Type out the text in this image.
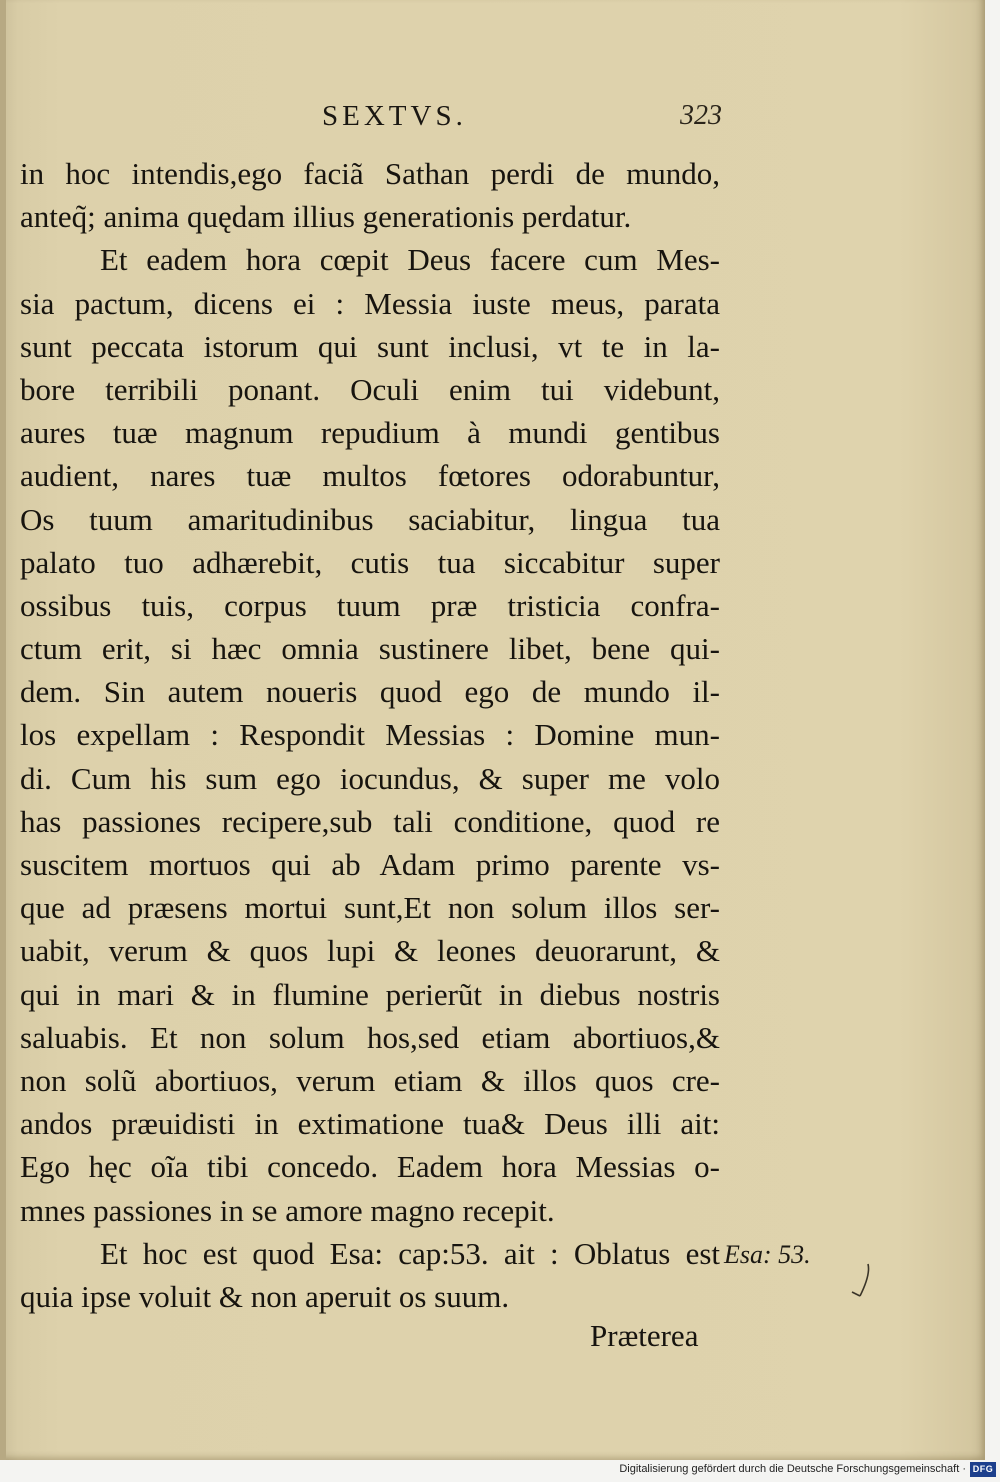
SEXTVS.	323
in hoc intendis,ego faciã Sathan perdi de mundo,
anteq̃; anima quędam illius generationis perdatur.
Et eadem hora cœpit Deus facere cum Mes-
sia pactum, dicens ei : Messia iuste meus, parata
sunt peccata istorum qui sunt inclusi, vt te in la-
bore terribili ponant. Oculi enim tui videbunt,
aures tuæ magnum repudium à mundi gentibus
audient, nares tuæ multos fœtores odorabuntur,
Os tuum amaritudinibus saciabitur, lingua tua
palato tuo adhærebit, cutis tua siccabitur super
ossibus tuis, corpus tuum præ tristicia confra-
ctum erit, si hæc omnia sustinere libet, bene qui-
dem. Sin autem noueris quod ego de mundo il-
los expellam : Respondit Messias : Domine mun-
di. Cum his sum ego iocundus, & super me volo
has passiones recipere,sub tali conditione, quod re
suscitem mortuos qui ab Adam primo parente vs-
que ad præsens mortui sunt,Et non solum illos ser-
uabit, verum & quos lupi & leones deuorarunt, &
qui in mari & in flumine perierũt in diebus nostris
saluabis. Et non solum hos,sed etiam abortiuos,&
non solũ abortiuos, verum etiam & illos quos cre-
andos præuidisti in extimatione tua& Deus illi ait:
Ego hęc oĩa tibi concedo. Eadem hora Messias o-
mnes passiones in se amore magno recepit.
Et hoc est quod Esa: cap:53. ait : Oblatus est
quia ipse voluit & non aperuit os suum.
Esa: 53.
Præterea
Digitalisierung gefördert durch die Deutsche Forschungsgemeinschaft · DFG
